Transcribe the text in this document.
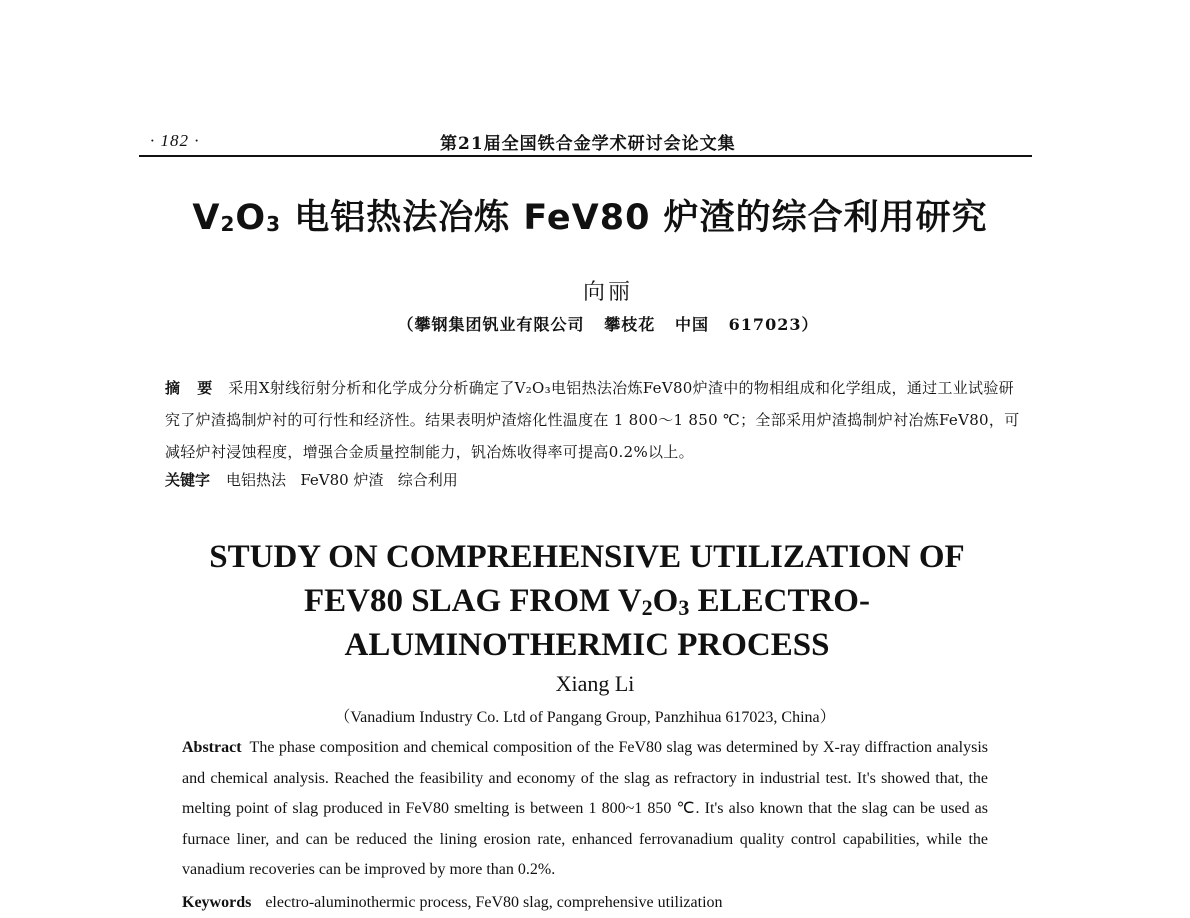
· 182 ·	第21届全国铁合金学术研讨会论文集
$V_2O_3$ 电铝热法冶炼 FeV80 炉渣的综合利用研究
向丽
（攀钢集团钒业有限公司   攀枝花   中国   617023）
摘 要 采用X射线衍射分析和化学成分分析确定了V₂O₃电铝热法冶炼FeV80炉渣中的物相组成和化学组成，通过工业试验研究了炉渣捣制炉衬的可行性和经济性。结果表明炉渣熔化性温度在 1 800～1 850 ℃；全部采用炉渣捣制炉衬冶炼FeV80，可减轻炉衬浸蚀程度，增强合金质量控制能力，钒冶炼收得率可提高0.2%以上。
关键字 电铝热法   FeV80 炉渣   综合利用
STUDY ON COMPREHENSIVE UTILIZATION OF
FEV80 SLAG FROM $V_2O_3$ ELECTRO-
ALUMINOTHERMIC PROCESS
Xiang Li
（Vanadium Industry Co. Ltd of Pangang Group, Panzhihua 617023, China）
Abstract The phase composition and chemical composition of the FeV80 slag was determined by X-ray diffraction analysis and chemical analysis. Reached the feasibility and economy of the slag as refractory in industrial test. It's showed that, the melting point of slag produced in FeV80 smelting is between 1 800~1 850 ℃. It's also known that the slag can be used as furnace liner, and can be reduced the lining erosion rate, enhanced ferrovanadium quality control capabilities, while the vanadium recoveries can be improved by more than 0.2%.
Keywords electro-aluminothermic process, FeV80 slag, comprehensive utilization
